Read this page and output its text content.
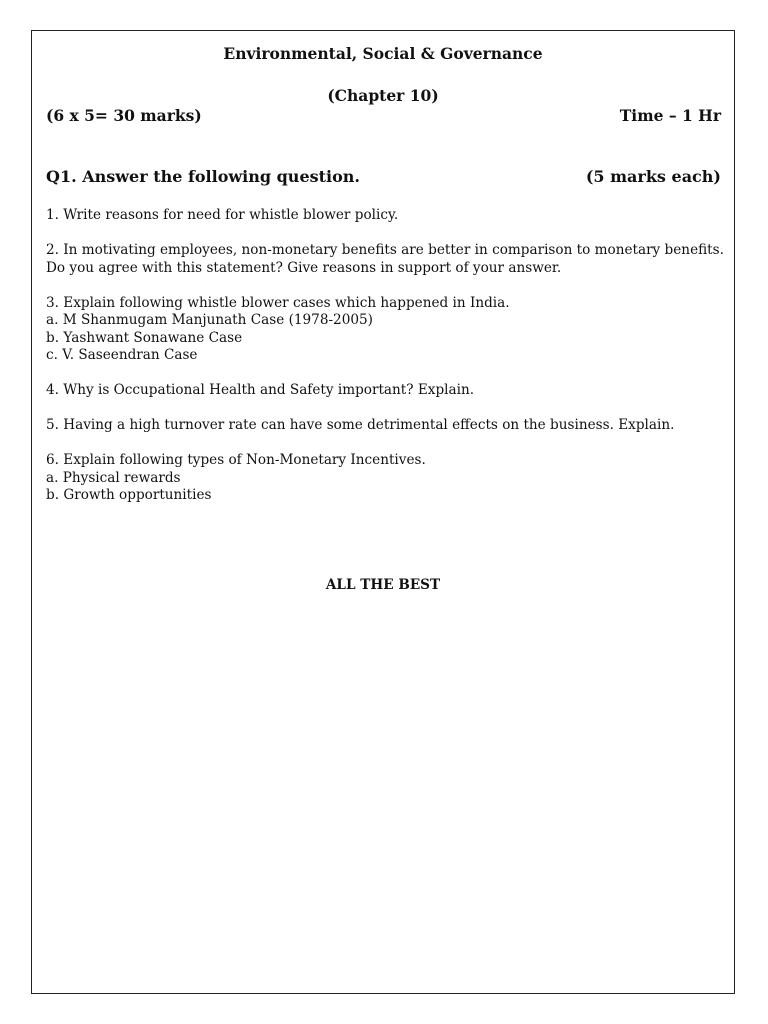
Environmental, Social & Governance
(Chapter 10)
(6 x 5= 30 marks)	Time – 1 Hr
Q1. Answer the following question.	(5 marks each)
1. Write reasons for need for whistle blower policy.
2. In motivating employees, non-monetary benefits are better in comparison to monetary benefits.
Do you agree with this statement? Give reasons in support of your answer.
3. Explain following whistle blower cases which happened in India.
a. M Shanmugam Manjunath Case (1978-2005)
b. Yashwant Sonawane Case
c. V. Saseendran Case
4. Why is Occupational Health and Safety important? Explain.
5. Having a high turnover rate can have some detrimental effects on the business. Explain.
6. Explain following types of Non-Monetary Incentives.
a. Physical rewards
b. Growth opportunities
ALL THE BEST
